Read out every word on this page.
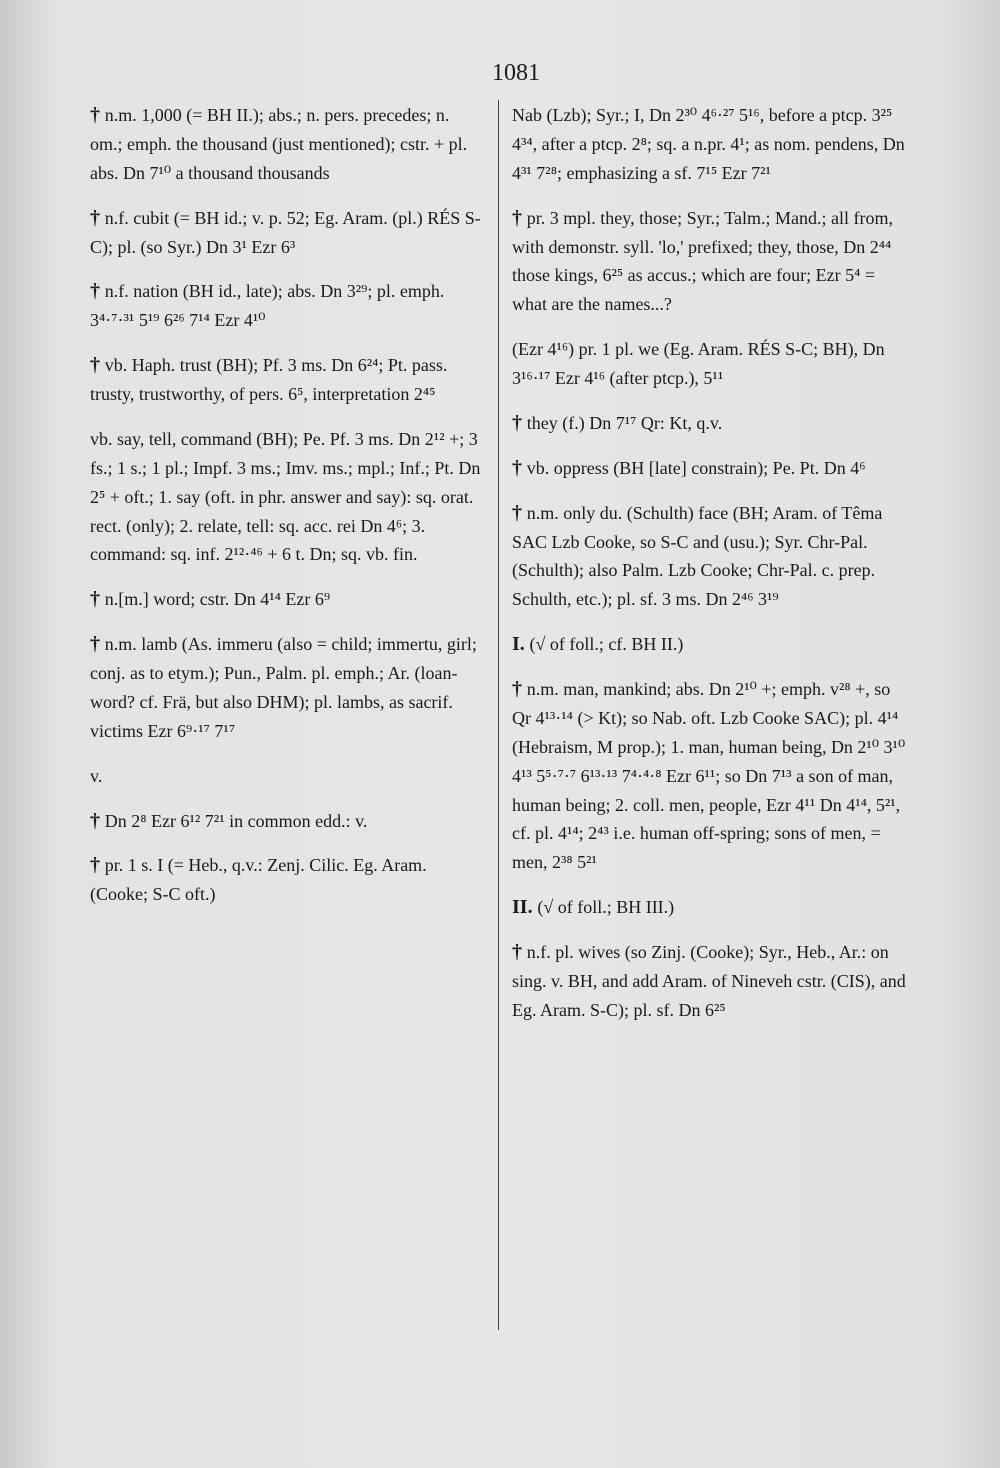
1081
† n.m. 1,000 (= BH II.); abs.; n. pers. precedes; n. om.; emph. the thousand (just mentioned); cstr. + pl. abs. Dn 7¹⁰ a thousand thousands
† n.f. cubit (= BH id.; v. p. 52; Eg. Aram. (pl.) RÉS S-C); pl. (so Syr.) Dn 3¹ Ezr 6³
† n.f. nation (BH id., late); abs. Dn 3²⁹; pl. emph. 3⁴·⁷·³¹ 5¹⁹ 6²⁶ 7¹⁴ Ezr 4¹⁰
† vb. Haph. trust (BH); Pf. 3 ms. Dn 6²⁴; Pt. pass. trusty, trustworthy, of pers. 6⁵, interpretation 2⁴⁵
vb. say, tell, command (BH); Pe. Pf. 3 ms. Dn 2¹² +; 3 fs.; 1 s.; 1 pl.; Impf. 3 ms.; Imv. ms.; mpl.; Inf.; Pt. Dn 2⁵ + oft.; 1. say (oft. in phr. answer and say): sq. orat. rect. (only); 2. relate, tell: sq. acc. rei Dn 4⁶; 3. command: sq. inf. 2¹²·⁴⁶ + 6 t. Dn; sq. vb. fin.
† n.[m.] word; cstr. Dn 4¹⁴ Ezr 6⁹
† n.m. lamb (As. immeru (also = child; immertu, girl; conj. as to etym.); Pun., Palm. pl. emph.; Ar. (loan-word? cf. Frä, but also DHM); pl. lambs, as sacrif. victims Ezr 6⁹·¹⁷ 7¹⁷
v.
† Dn 2⁸ Ezr 6¹² 7²¹ in common edd.: v.
† pr. 1 s. I (= Heb., q.v.: Zenj. Cilic. Eg. Aram. (Cooke; S-C oft.)
Nab (Lzb); Syr.; I, Dn 2³⁰ 4⁶·²⁷ 5¹⁶, before a ptcp. 3²⁵ 4³⁴, after a ptcp. 2⁸; sq. a n.pr. 4¹; as nom. pendens, Dn 4³¹ 7²⁸; emphasizing a sf. 7¹⁵ Ezr 7²¹
† pr. 3 mpl. they, those; Syr.; Talm.; Mand.; all from, with demonstr. syll. 'lo,' prefixed; they, those, Dn 2⁴⁴ those kings, 6²⁵ as accus.; which are four; Ezr 5⁴ = what are the names...?
(Ezr 4¹⁶) pr. 1 pl. we (Eg. Aram. RÉS S-C; BH), Dn 3¹⁶·¹⁷ Ezr 4¹⁶ (after ptcp.), 5¹¹
† they (f.) Dn 7¹⁷ Qr: Kt, q.v.
† vb. oppress (BH [late] constrain); Pe. Pt. Dn 4⁶
† n.m. only du. (Schulth) face (BH; Aram. of Têma SAC Lzb Cooke, so S-C and (usu.); Syr. Chr-Pal. (Schulth); also Palm. Lzb Cooke; Chr-Pal. c. prep. Schulth, etc.); pl. sf. 3 ms. Dn 2⁴⁶ 3¹⁹
I. (√ of foll.; cf. BH II.)
† n.m. man, mankind; abs. Dn 2¹⁰ +; emph. v²⁸ +, so Qr 4¹³·¹⁴ (> Kt); so Nab. oft. Lzb Cooke SAC); pl. 4¹⁴ (Hebraism, M prop.); 1. man, human being, Dn 2¹⁰ 3¹⁰ 4¹³ 5⁵·⁷·⁷ 6¹³·¹³ 7⁴·⁴·⁸ Ezr 6¹¹; so Dn 7¹³ a son of man, human being; 2. coll. men, people, Ezr 4¹¹ Dn 4¹⁴, 5²¹, cf. pl. 4¹⁴; 2⁴³ i.e. human off-spring; sons of men, = men, 2³⁸ 5²¹
II. (√ of foll.; BH III.)
† n.f. pl. wives (so Zinj. (Cooke); Syr., Heb., Ar.: on sing. v. BH, and add Aram. of Nineveh cstr. (CIS), and Eg. Aram. S-C); pl. sf. Dn 6²⁵
